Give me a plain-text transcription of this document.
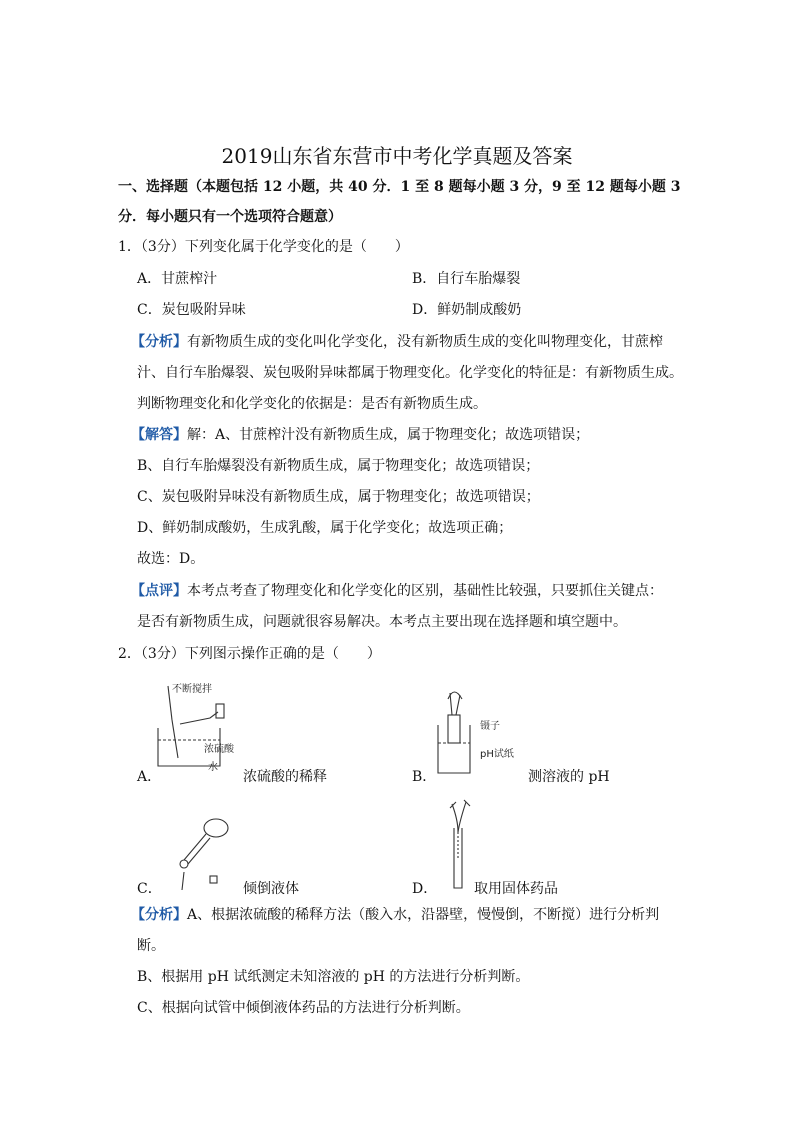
2019山东省东营市中考化学真题及答案
一、选择题（本题包括 12 小题，共 40 分．1 至 8 题每小题 3 分，9 至 12 题每小题 3
分．每小题只有一个选项符合题意）
1．（3分）下列变化属于化学变化的是（　　）
A．甘蔗榨汁	B．自行车胎爆裂
C．炭包吸附异味	D．鲜奶制成酸奶
【分析】有新物质生成的变化叫化学变化，没有新物质生成的变化叫物理变化，甘蔗榨
汁、自行车胎爆裂、炭包吸附异味都属于物理变化。化学变化的特征是：有新物质生成。
判断物理变化和化学变化的依据是：是否有新物质生成。
【解答】解：A、甘蔗榨汁没有新物质生成，属于物理变化；故选项错误；
B、自行车胎爆裂没有新物质生成，属于物理变化；故选项错误；
C、炭包吸附异味没有新物质生成，属于物理变化；故选项错误；
D、鲜奶制成酸奶，生成乳酸，属于化学变化；故选项正确；
故选：D。
【点评】本考点考查了物理变化和化学变化的区别，基础性比较强，只要抓住关键点：
是否有新物质生成，问题就很容易解决。本考点主要出现在选择题和填空题中。
2．（3分）下列图示操作正确的是（　　）
不断搅拌
浓硫酸
水
A．	浓硫酸的稀释
镊子
pH试纸
B．	测溶液的 pH
C．	倾倒液体	D．	取用固体药品
【分析】A、根据浓硫酸的稀释方法（酸入水，沿器壁，慢慢倒，不断搅）进行分析判
断。
B、根据用 pH 试纸测定未知溶液的 pH 的方法进行分析判断。
C、根据向试管中倾倒液体药品的方法进行分析判断。
